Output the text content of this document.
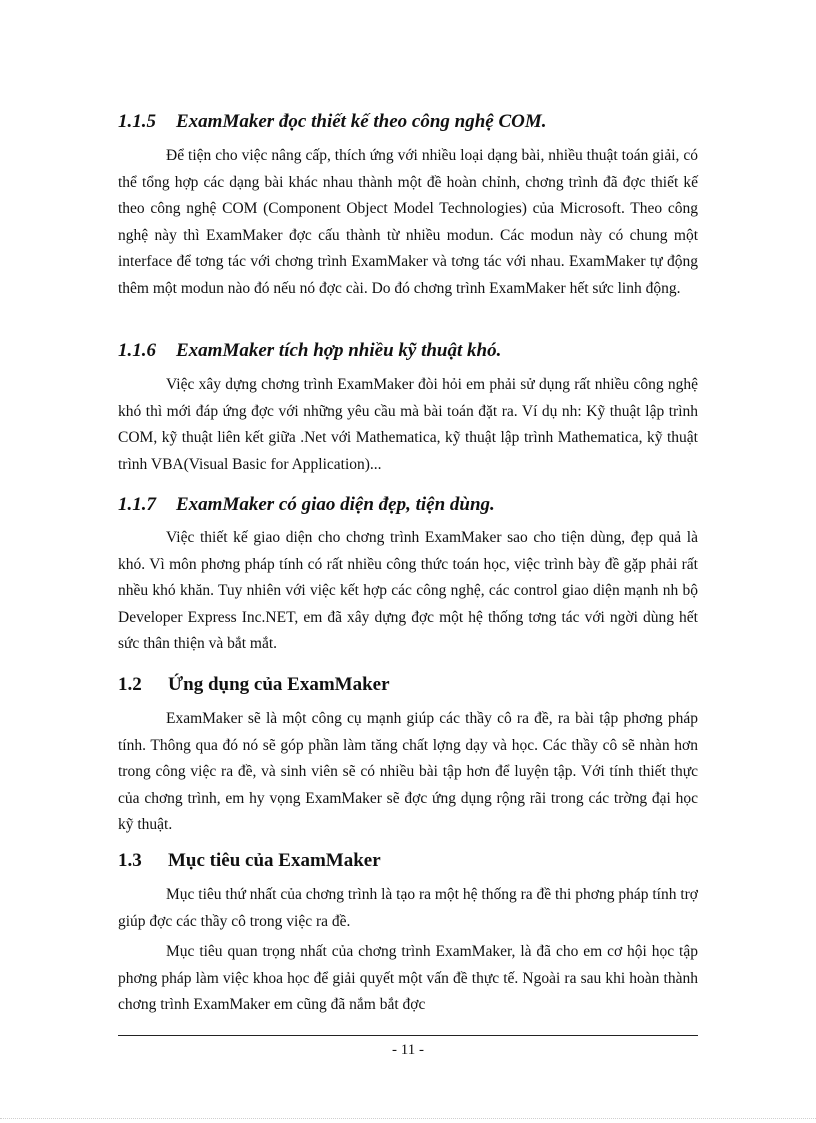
1.1.5 ExamMaker đọc thiết kế theo công nghệ COM.

Để tiện cho việc nâng cấp, thích ứng với nhiều loại dạng bài, nhiều thuật toán giải, có thể tổng hợp các dạng bài khác nhau thành một đề hoàn chỉnh, chơng trình đã đợc thiết kế theo công nghệ COM (Component Object Model Technologies) của Microsoft. Theo công nghệ này thì ExamMaker đợc cấu thành từ nhiều modun. Các modun này có chung một interface để tơng tác với chơng trình ExamMaker và tơng tác với nhau. ExamMaker tự động thêm một modun nào đó nếu nó đợc cài. Do đó chơng trình ExamMaker hết sức linh động.

1.1.6 ExamMaker tích hợp nhiều kỹ thuật khó.

Việc xây dựng chơng trình ExamMaker đòi hỏi em phải sử dụng rất nhiều công nghệ khó thì mới đáp ứng đợc với những yêu cầu mà bài toán đặt ra. Ví dụ nh: Kỹ thuật lập trình COM, kỹ thuật liên kết giữa .Net với Mathematica, kỹ thuật lập trình Mathematica, kỹ thuật trình VBA(Visual Basic for Application)...

1.1.7 ExamMaker có giao diện đẹp, tiện dùng.

Việc thiết kế giao diện cho chơng trình ExamMaker sao cho tiện dùng, đẹp quả là khó. Vì môn phơng pháp tính có rất nhiều công thức toán học, việc trình bày đề gặp phải rất nhều khó khăn. Tuy nhiên với việc kết hợp các công nghệ, các control giao diện mạnh nh bộ Developer Express Inc.NET, em đã xây dựng đợc một hệ thống tơng tác với ngời dùng hết sức thân thiện và bắt mắt.

1.2 Ứng dụng của ExamMaker

ExamMaker sẽ là một công cụ mạnh giúp các thầy cô ra đề, ra bài tập phơng pháp tính. Thông qua đó nó sẽ góp phần làm tăng chất lợng dạy và học. Các thầy cô sẽ nhàn hơn trong công việc ra đề, và sinh viên sẽ có nhiều bài tập hơn để luyện tập. Với tính thiết thực của chơng trình, em hy vọng ExamMaker sẽ đợc ứng dụng rộng rãi trong các trờng đại học kỹ thuật.

1.3 Mục tiêu của ExamMaker

Mục tiêu thứ nhất của chơng trình là tạo ra một hệ thống ra đề thi phơng pháp tính trợ giúp đợc các thầy cô trong việc ra đề.

Mục tiêu quan trọng nhất của chơng trình ExamMaker, là đã cho em cơ hội học tập phơng pháp làm việc khoa học để giải quyết một vấn đề thực tế. Ngoài ra sau khi hoàn thành chơng trình ExamMaker em cũng đã nắm bắt đợc

- 11 -
